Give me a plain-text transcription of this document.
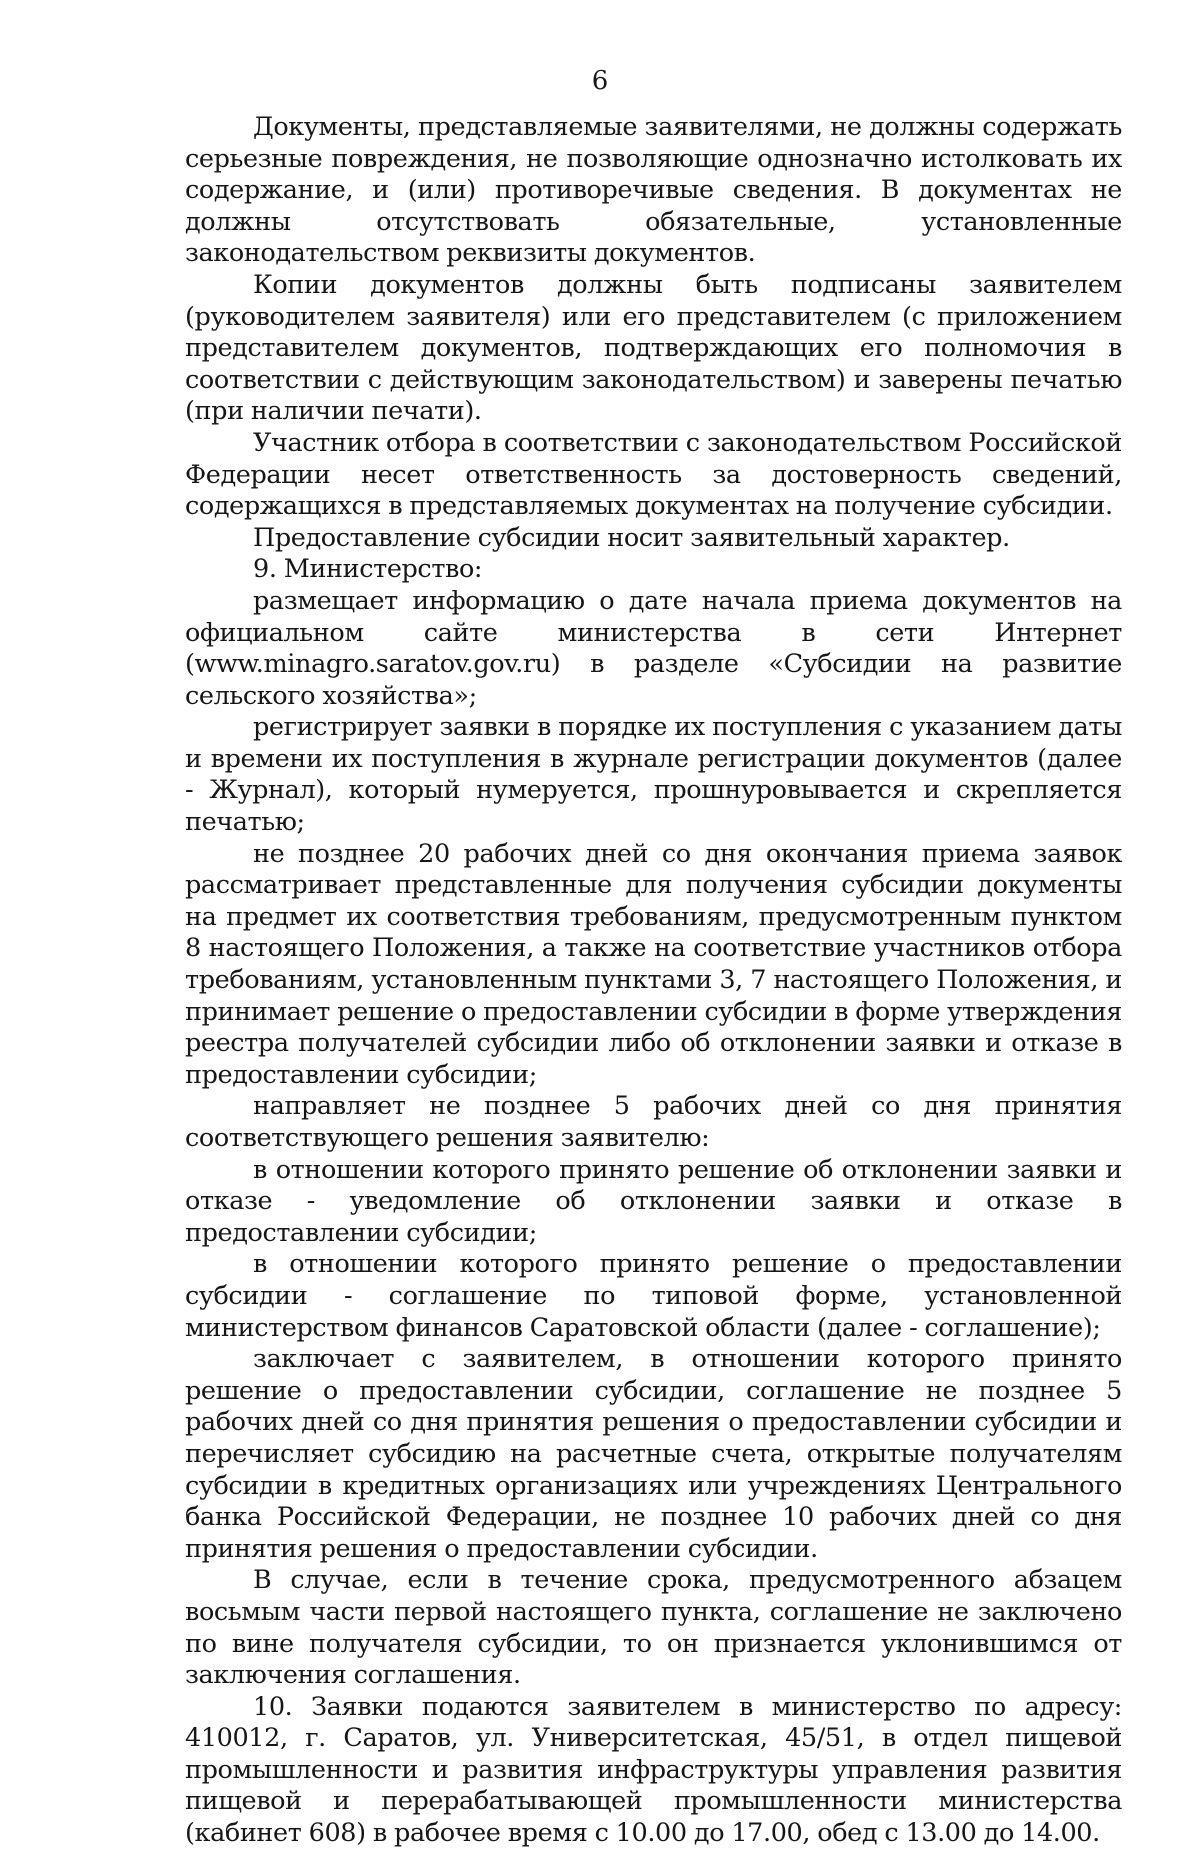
6

Документы, представляемые заявителями, не должны содержать серьезные повреждения, не позволяющие однозначно истолковать их содержание, и (или) противоречивые сведения. В документах не должны отсутствовать обязательные, установленные законодательством реквизиты документов.

Копии документов должны быть подписаны заявителем (руководителем заявителя) или его представителем (с приложением представителем документов, подтверждающих его полномочия в соответствии с действующим законодательством) и заверены печатью (при наличии печати).

Участник отбора в соответствии с законодательством Российской Федерации несет ответственность за достоверность сведений, содержащихся в представляемых документах на получение субсидии.

Предоставление субсидии носит заявительный характер.

9. Министерство:

размещает информацию о дате начала приема документов на официальном сайте министерства в сети Интернет (www.minagro.saratov.gov.ru) в разделе «Субсидии на развитие сельского хозяйства»;

регистрирует заявки в порядке их поступления с указанием даты и времени их поступления в журнале регистрации документов (далее - Журнал), который нумеруется, прошнуровывается и скрепляется печатью;

не позднее 20 рабочих дней со дня окончания приема заявок рассматривает представленные для получения субсидии документы на предмет их соответствия требованиям, предусмотренным пунктом 8 настоящего Положения, а также на соответствие участников отбора требованиям, установленным пунктами 3, 7 настоящего Положения, и принимает решение о предоставлении субсидии в форме утверждения реестра получателей субсидии либо об отклонении заявки и отказе в предоставлении субсидии;

направляет не позднее 5 рабочих дней со дня принятия соответствующего решения заявителю:

в отношении которого принято решение об отклонении заявки и отказе - уведомление об отклонении заявки и отказе в предоставлении субсидии;

в отношении которого принято решение о предоставлении субсидии - соглашение по типовой форме, установленной министерством финансов Саратовской области (далее - соглашение);

заключает с заявителем, в отношении которого принято решение о предоставлении субсидии, соглашение не позднее 5 рабочих дней со дня принятия решения о предоставлении субсидии и перечисляет субсидию на расчетные счета, открытые получателям субсидии в кредитных организациях или учреждениях Центрального банка Российской Федерации, не позднее 10 рабочих дней со дня принятия решения о предоставлении субсидии.

В случае, если в течение срока, предусмотренного абзацем восьмым части первой настоящего пункта, соглашение не заключено по вине получателя субсидии, то он признается уклонившимся от заключения соглашения.

10. Заявки подаются заявителем в министерство по адресу: 410012, г. Саратов, ул. Университетская, 45/51, в отдел пищевой промышленности и развития инфраструктуры управления развития пищевой и перерабатывающей промышленности министерства (кабинет 608) в рабочее время с 10.00 до 17.00, обед с 13.00 до 14.00.
